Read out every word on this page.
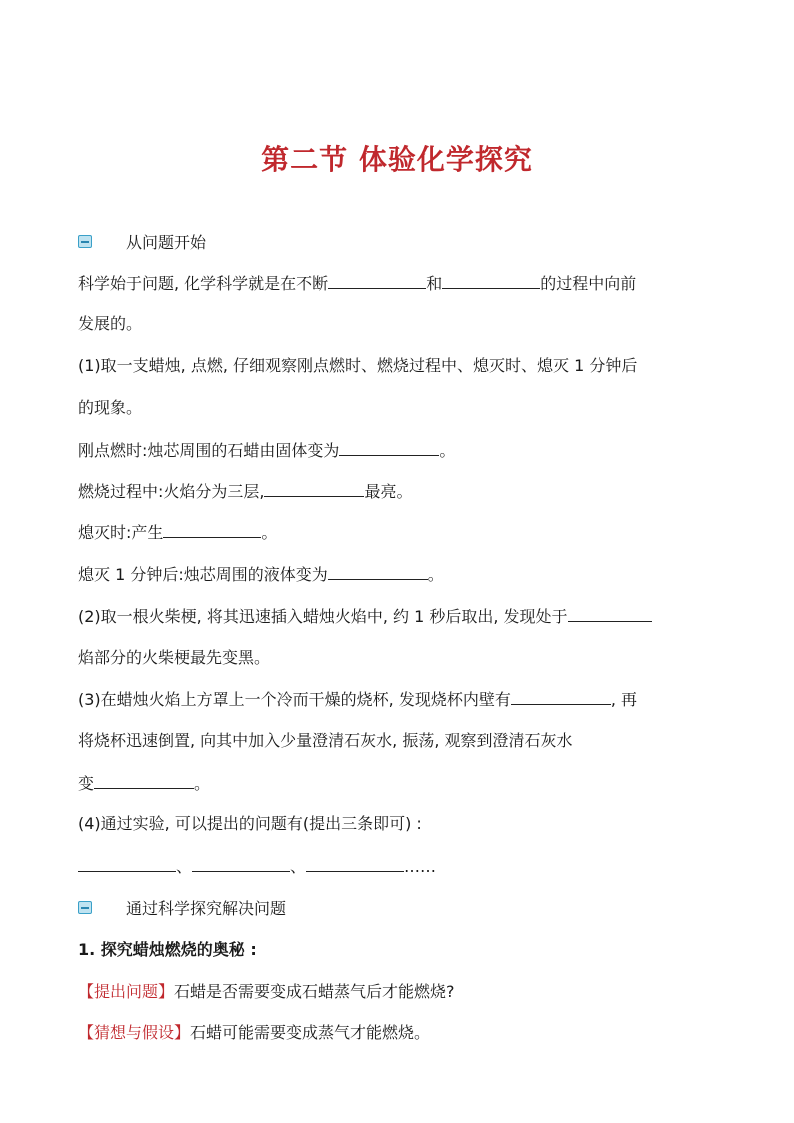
第二节 体验化学探究
从问题开始
科学始于问题, 化学科学就是在不断	和	的过程中向前
发展的。
(1)取一支蜡烛, 点燃, 仔细观察刚点燃时、燃烧过程中、熄灭时、熄灭 1 分钟后
的现象。
刚点燃时:烛芯周围的石蜡由固体变为	。
燃烧过程中:火焰分为三层,	最亮。
熄灭时:产生	。
熄灭 1 分钟后:烛芯周围的液体变为	。
(2)取一根火柴梗, 将其迅速插入蜡烛火焰中, 约 1 秒后取出, 发现处于
焰部分的火柴梗最先变黑。
(3)在蜡烛火焰上方罩上一个冷而干燥的烧杯, 发现烧杯内壁有	, 再
将烧杯迅速倒置, 向其中加入少量澄清石灰水, 振荡, 观察到澄清石灰水
变	。
(4)通过实验, 可以提出的问题有(提出三条即可) :
、	、	……
通过科学探究解决问题
1. 探究蜡烛燃烧的奥秘 :
【提出问题】石蜡是否需要变成石蜡蒸气后才能燃烧?
【猜想与假设】石蜡可能需要变成蒸气才能燃烧。
